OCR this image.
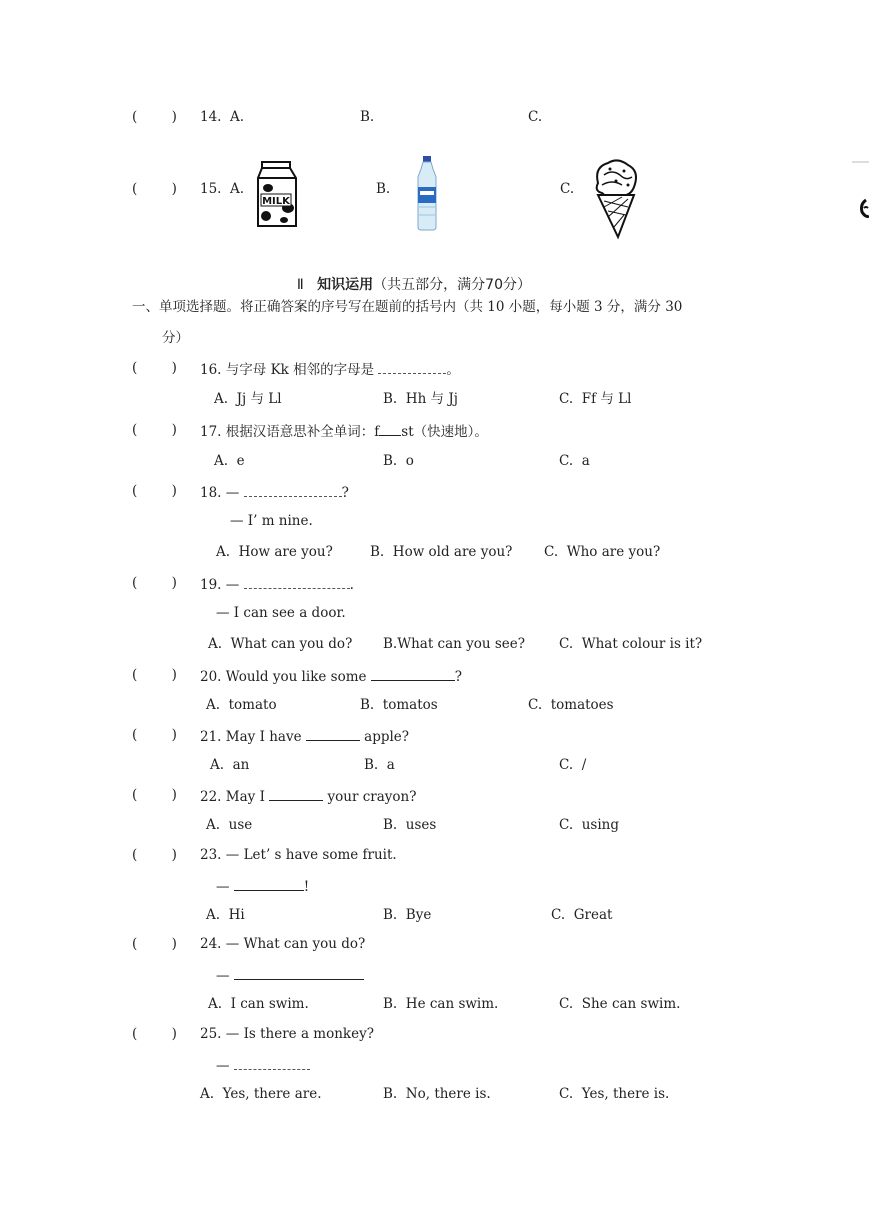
(        ) 14. A.	B.	C.
(        ) 15. A.	B.	C.
MILK

Ⅱ 知识运用（共五部分，满分70分）

一、单项选择题。将正确答案的序号写在题前的括号内（共 10 小题，每小题 3 分，满分 30
分）
(        ) 16. 与字母 Kk 相邻的字母是	。
A.  Jj 与 Ll	B.  Hh 与 Jj	C.  Ff 与 Ll
(        ) 17. 根据汉语意思补全单词：f st（快速地）。
A.  e	B.  o	C.  a
(        ) 18. —	?
— I’ m nine.
A.  How are you?	B.  How old are you? C.  Who are you?
(        ) 19. —	.
— I can see a door.
A.  What can you do? B.What can you see?	C.  What colour is it?
(        ) 20. Would you like some	?
A.  tomato	B.  tomatos	C.  tomatoes
(        ) 21. May I have	apple?
A.  an	B.  a	C.  /
(        ) 22. May I	your crayon?
A.  use	B.  uses	C.  using
(        ) 23. — Let’ s have some fruit.
—	!
A.  Hi	B.  Bye	C.  Great
(        ) 24. — What can you do?
—
A.  I can swim.	B.  He can swim.	C.  She can swim.
(        ) 25. — Is there a monkey?
—
A.  Yes, there are.	B.  No, there is.	C.  Yes, there is.
